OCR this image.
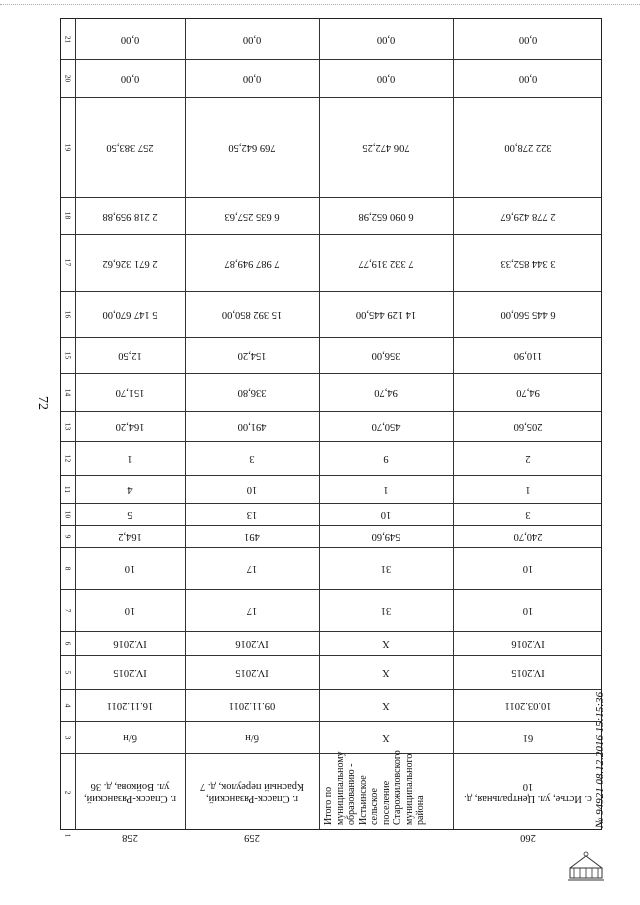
72
21
20
19
18
17
16
15
14
13
12
11
10
9
8
7
6
5
4
3
2
1
0,00
0,00
257 383,50
2 218 959,88
2 671 326,62
5 147 670,00
12,50
151,70
164,20
1
4
5
164,2
10
10
IV.2016
IV.2015
16.11.2011
б/н
г. Спасск-Рязанский, ул. Войкова, д. 36
258
0,00
0,00
769 642,50
6 635 257,63
7 987 949,87
15 392 850,00
154,20
336,80
491,00
3
10
13
491
17
17
IV.2016
IV.2015
09.11.2011
б/н
г. Спасск-Рязанский, Красный переулок, д. 7
259
0,00
0,00
706 472,25
6 090 652,98
7 332 319,77
14 129 445,00
356,00
94,70
450,70
9
1
10
549,60
31
31
X
X
X
X
Итого по муниципальному образованию - Истьинское сельское поселение Старожиловского муниципального района
0,00
0,00
322 278,00
2 778 429,67
3 344 852,33
6 445 560,00
110,90
94,70
205,60
2
1
3
240,70
10
10
IV.2016
IV.2015
10.03.2011
61
с. Истье, ул. Центральная, д. 10
260
№ 94921 08.12.2016 15:15:36
